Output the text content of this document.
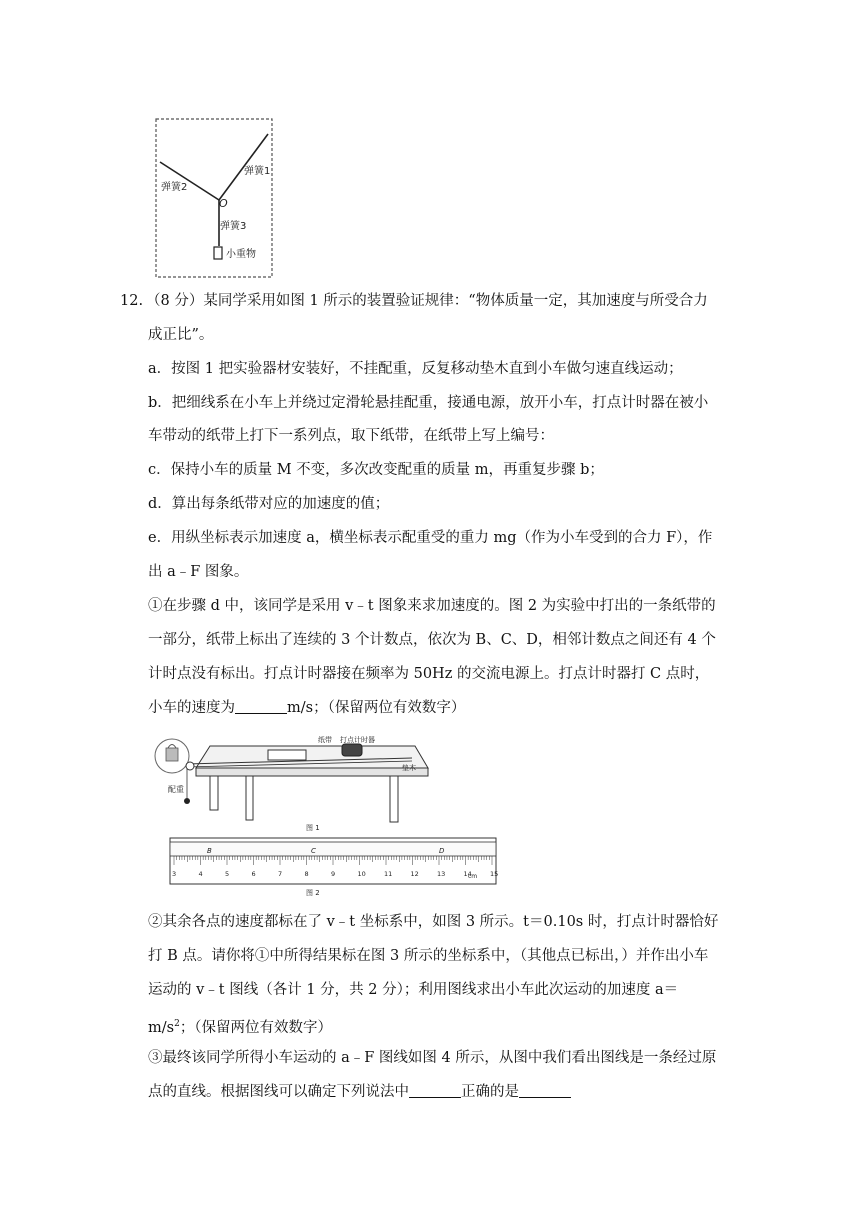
弹簧1
弹簧2
O
弹簧3
小重物
12. （8 分）某同学采用如图 1 所示的装置验证规律：“物体质量一定，其加速度与所受合力
成正比”。
a．按图 1 把实验器材安装好，不挂配重，反复移动垫木直到小车做匀速直线运动；
b．把细线系在小车上并绕过定滑轮悬挂配重，接通电源，放开小车，打点计时器在被小
车带动的纸带上打下一系列点，取下纸带，在纸带上写上编号：
c．保持小车的质量 M 不变，多次改变配重的质量 m，再重复步骤 b；
d．算出每条纸带对应的加速度的值；
e．用纵坐标表示加速度 a，横坐标表示配重受的重力 mg（作为小车受到的合力 F），作
出 a﹣F 图象。
①在步骤 d 中，该同学是采用 v﹣t 图象来求加速度的。图 2 为实验中打出的一条纸带的
一部分，纸带上标出了连续的 3 个计数点，依次为 B、C、D，相邻计数点之间还有 4 个
计时点没有标出。打点计时器接在频率为 50Hz 的交流电源上。打点计时器打 C 点时，
小车的速度为	m/s；（保留两位有效数字）
配重
纸带 打点计时器
垫木
图 1
3	4	5	6	7	8	9	10	11	12	13	14	15
B	C	D
cm
图 2
②其余各点的速度都标在了 v﹣t 坐标系中，如图 3 所示。t＝0.10s 时，打点计时器恰好
打 B 点。请你将①中所得结果标在图 3 所示的坐标系中，（其他点已标出，）并作出小车
运动的 v﹣t 图线（各计 1 分，共 2 分）；利用图线求出小车此次运动的加速度 a＝
$m/s^2$；（保留两位有效数字）
③最终该同学所得小车运动的 a﹣F 图线如图 4 所示，从图中我们看出图线是一条经过原
点的直线。根据图线可以确定下列说法中	正确的是
